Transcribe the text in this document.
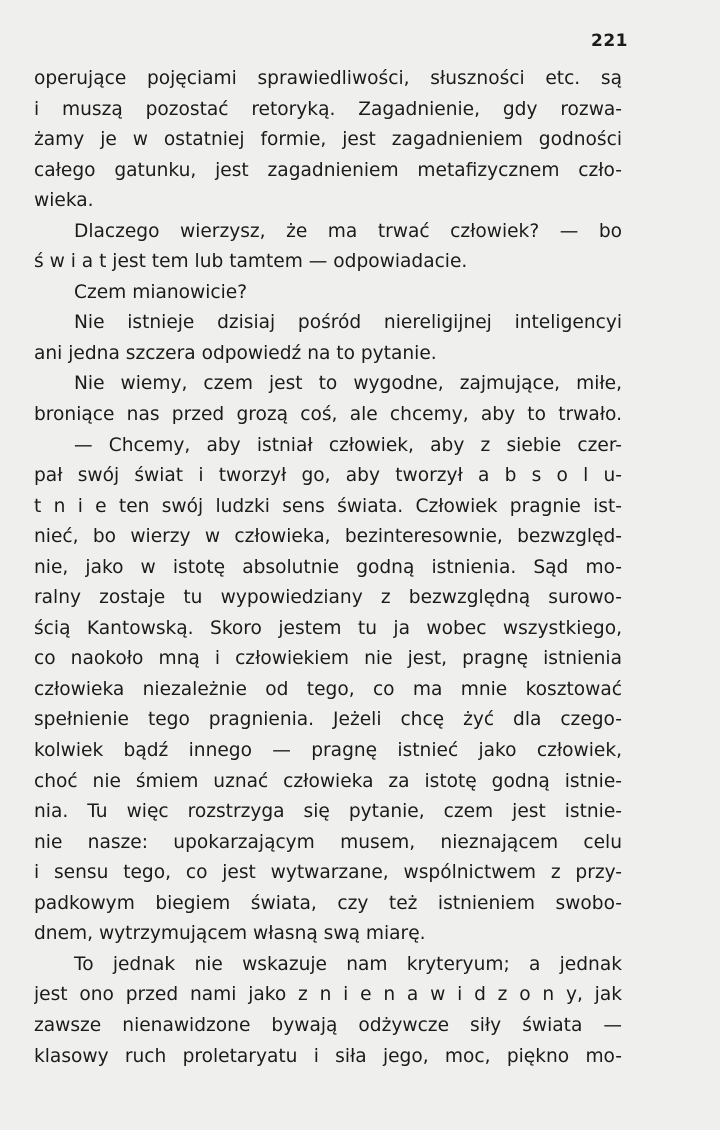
221
operujące pojęciami sprawiedliwości, słuszności etc. są
i muszą pozostać retoryką. Zagadnienie, gdy rozwa-
żamy je w ostatniej formie, jest zagadnieniem godności
całego gatunku, jest zagadnieniem metafizycznem czło-
wieka.
Dlaczego wierzysz, że ma trwać człowiek? — bo
ś w i a t jest tem lub tamtem — odpowiadacie.
Czem mianowicie?
Nie istnieje dzisiaj pośród niereligijnej inteligencyi
ani jedna szczera odpowiedź na to pytanie.
Nie wiemy, czem jest to wygodne, zajmujące, miłe,
broniące nas przed grozą coś, ale chcemy, aby to trwało.
— Chcemy, aby istniał człowiek, aby z siebie czer-
pał swój świat i tworzył go, aby tworzył a b s o l u-
t n i e ten swój ludzki sens świata. Człowiek pragnie ist-
nieć, bo wierzy w człowieka, bezinteresownie, bezwzględ-
nie, jako w istotę absolutnie godną istnienia. Sąd mo-
ralny zostaje tu wypowiedziany z bezwzględną surowo-
ścią Kantowską. Skoro jestem tu ja wobec wszystkiego,
co naokoło mną i człowiekiem nie jest, pragnę istnienia
człowieka niezależnie od tego, co ma mnie kosztować
spełnienie tego pragnienia. Jeżeli chcę żyć dla czego-
kolwiek bądź innego — pragnę istnieć jako człowiek,
choć nie śmiem uznać człowieka za istotę godną istnie-
nia. Tu więc rozstrzyga się pytanie, czem jest istnie-
nie nasze: upokarzającym musem, nieznającem celu
i sensu tego, co jest wytwarzane, wspólnictwem z przy-
padkowym biegiem świata, czy też istnieniem swobo-
dnem, wytrzymującem własną swą miarę.
To jednak nie wskazuje nam kryteryum; a jednak
jest ono przed nami jako z n i e n a w i d z o n y, jak
zawsze nienawidzone bywają odżywcze siły świata —
klasowy ruch proletaryatu i siła jego, moc, piękno mo-
